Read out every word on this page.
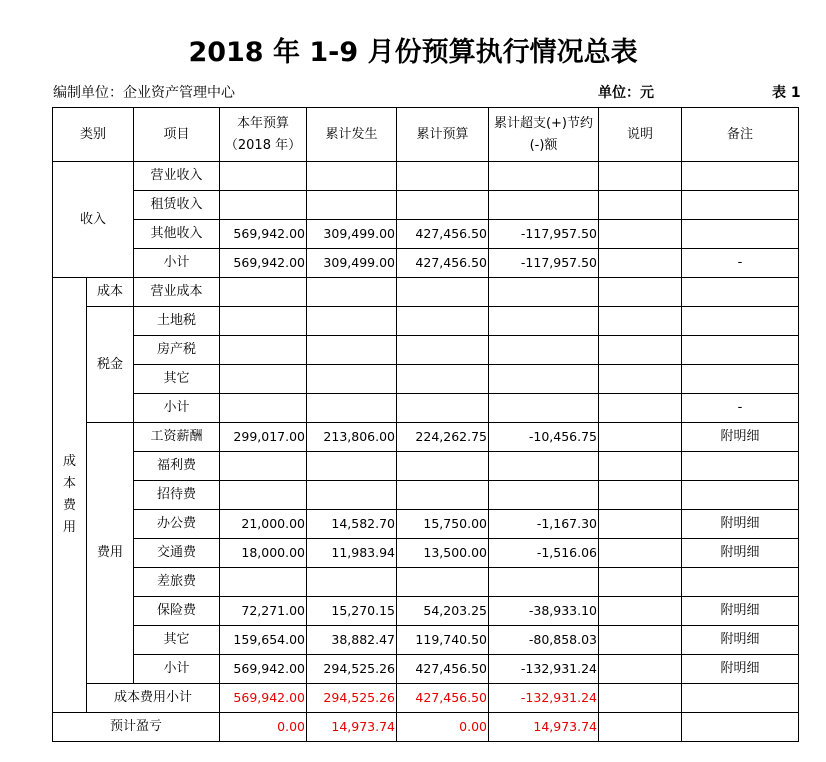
2018 年 1-9 月份预算执行情况总表
编制单位：企业资产管理中心	单位：元	表 1
类别		项目	本年预算（2018 年）	累计发生	累计预算	累计超支(+)节约(-)额	说明	备注
收入		营业收入						
		租赁收入						
		其他收入	569,942.00	309,499.00	427,456.50	-117,957.50		
		小计	569,942.00	309,499.00	427,456.50	-117,957.50		-
成本费用	成本	营业成本						
	税金	土地税						
		房产税						
		其它						
		小计						-
	费用	工资薪酬	299,017.00	213,806.00	224,262.75	-10,456.75		附明细
		福利费						
		招待费						
		办公费	21,000.00	14,582.70	15,750.00	-1,167.30		附明细
		交通费	18,000.00	11,983.94	13,500.00	-1,516.06		附明细
		差旅费						
		保险费	72,271.00	15,270.15	54,203.25	-38,933.10		附明细
		其它	159,654.00	38,882.47	119,740.50	-80,858.03		附明细
		小计	569,942.00	294,525.26	427,456.50	-132,931.24		附明细
	成本费用小计		569,942.00	294,525.26	427,456.50	-132,931.24		
预计盈亏			0.00	14,973.74	0.00	14,973.74		
